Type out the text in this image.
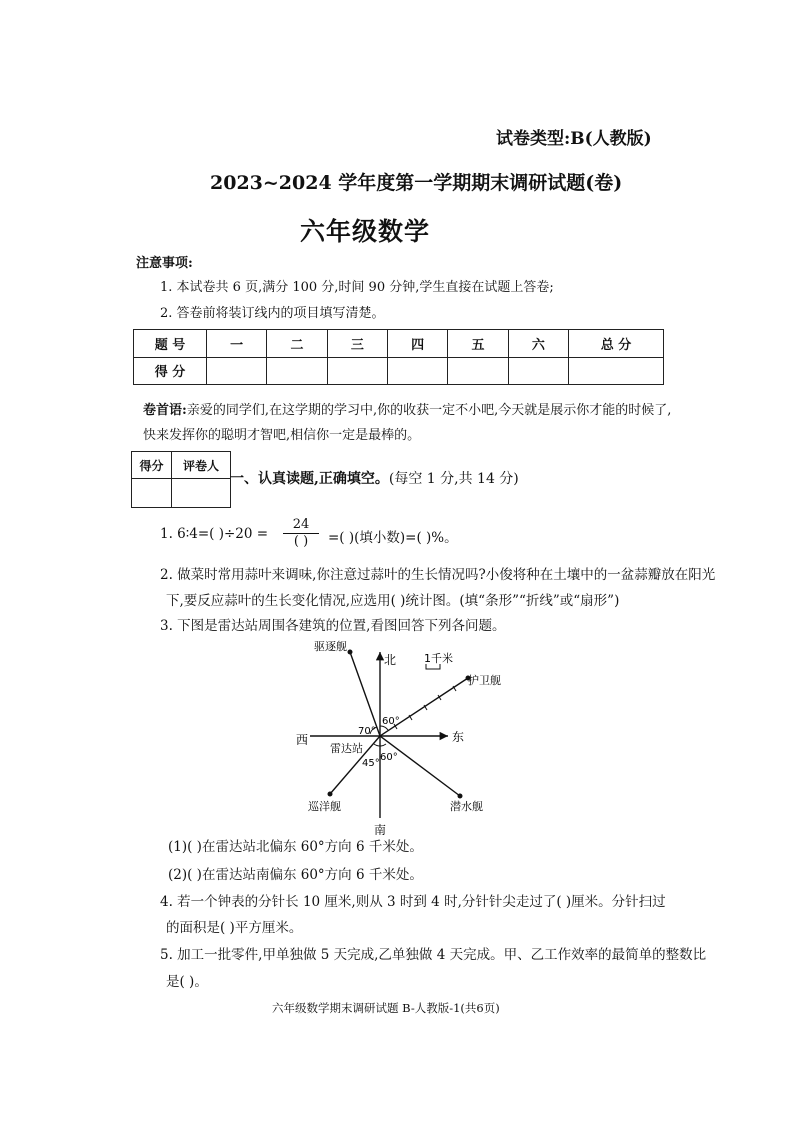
试卷类型:B(人教版)
2023~2024 学年度第一学期期末调研试题(卷)
六年级数学
注意事项:
1. 本试卷共 6 页,满分 100 分,时间 90 分钟,学生直接在试题上答卷;
2. 答卷前将装订线内的项目填写清楚。
题 号	一	二	三	四	五	六	总 分
得 分							
卷首语:亲爱的同学们,在这学期的学习中,你的收获一定不小吧,今天就是展示你才能的时候了,快来发挥你的聪明才智吧,相信你一定是最棒的。
得分	评卷人

一、认真读题,正确填空。(每空 1 分,共 14 分)
1. 6∶4=( )÷20 =
24
( )	=( )(填小数)=( )%。
2. 做菜时常用蒜叶来调味,你注意过蒜叶的生长情况吗?小俊将种在土壤中的一盆蒜瓣放在阳光
下,要反应蒜叶的生长变化情况,应选用( )统计图。(填“条形”“折线”或“扇形”)
3. 下图是雷达站周围各建筑的位置,看图回答下列各问题。
北
南
东
西
雷达站
1千米
驱逐舰
护卫舰
巡洋舰	潜水舰
60°
70°
60°
45°
(1)( )在雷达站北偏东 60°方向 6 千米处。
(2)( )在雷达站南偏东 60°方向 6 千米处。
4. 若一个钟表的分针长 10 厘米,则从 3 时到 4 时,分针针尖走过了( )厘米。分针扫过
的面积是( )平方厘米。
5. 加工一批零件,甲单独做 5 天完成,乙单独做 4 天完成。甲、乙工作效率的最简单的整数比
是( )。
六年级数学期末调研试题 B-人教版-1(共6页)
